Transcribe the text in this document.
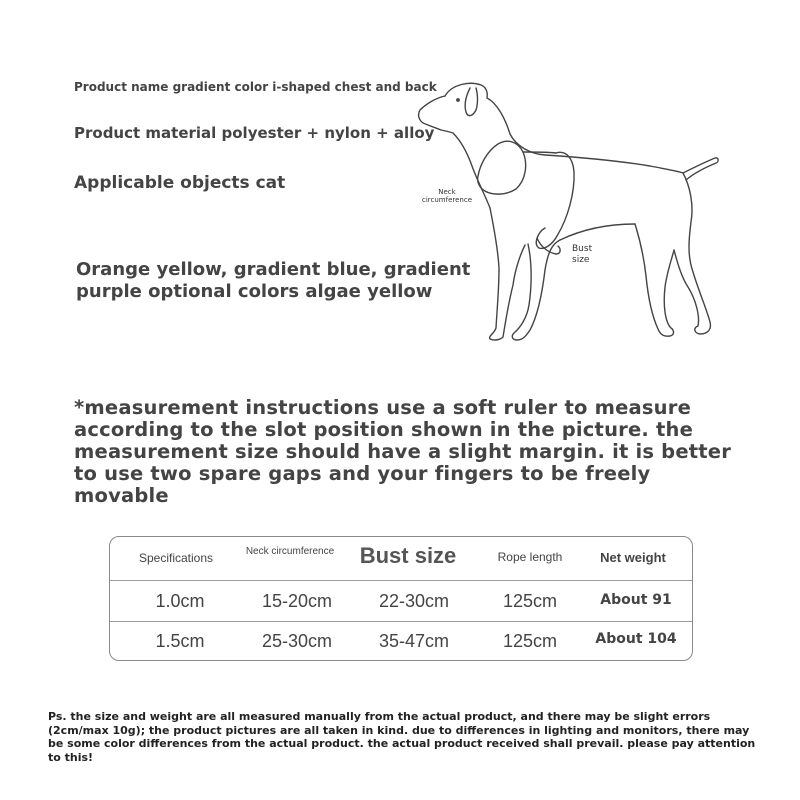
Product name gradient color i-shaped chest and back
Product material polyester + nylon + alloy
Applicable objects cat
Orange yellow, gradient blue, gradient purple optional colors algae yellow
Neck circumference
Bust size
*measurement instructions use a soft ruler to measure according to the slot position shown in the picture. the measurement size should have a slight margin. it is better to use two spare gaps and your fingers to be freely movable
Specifications	Neck circumference	Bust size	Rope length	Net weight
1.0cm	15-20cm	22-30cm	125cm	About 91
1.5cm	25-30cm	35-47cm	125cm	About 104
Ps. the size and weight are all measured manually from the actual product, and there may be slight errors (2cm/max 10g); the product pictures are all taken in kind. due to differences in lighting and monitors, there may be some color differences from the actual product. the actual product received shall prevail. please pay attention to this!
